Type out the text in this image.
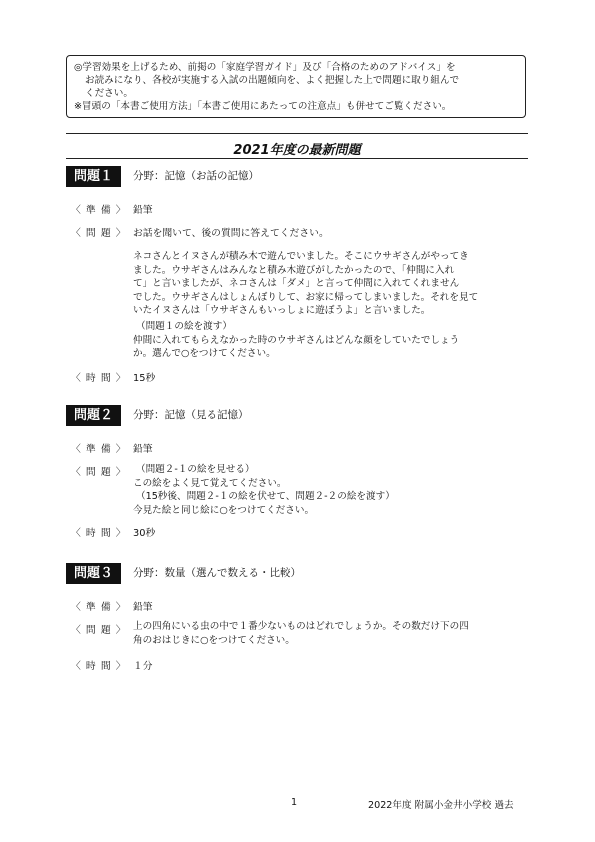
◎学習効果を上げるため、前掲の「家庭学習ガイド」及び「合格のためのアドバイス」を

お読みになり、各校が実施する入試の出題傾向を、よく把握した上で問題に取り組んで

ください。

※冒頭の「本書ご使用方法」「本書ご使用にあたっての注意点」も併せてご覧ください。

2021年度の最新問題
問題１	分野：記憶（お話の記憶）
〈 準 備 〉 鉛筆
〈 問 題 〉 お話を聞いて、後の質問に答えてください。
ネコさんとイヌさんが積み木で遊んでいました。そこにウサギさんがやってき
ました。ウサギさんはみんなと積み木遊びがしたかったので、「仲間に入れ
て」と言いましたが、ネコさんは「ダメ」と言って仲間に入れてくれません
でした。ウサギさんはしょんぼりして、お家に帰ってしまいました。それを見て
いたイヌさんは「ウサギさんもいっしょに遊ぼうよ」と言いました。
（問題１の絵を渡す）
仲間に入れてもらえなかった時のウサギさんはどんな顔をしていたでしょう
か。選んで○をつけてください。
〈 時 間 〉 15秒
問題２	分野：記憶（見る記憶）
〈 準 備 〉 鉛筆
〈 問 題 〉 （問題２-１の絵を見せる）
この絵をよく見て覚えてください。
（15秒後、問題２-１の絵を伏せて、問題２-２の絵を渡す）
今見た絵と同じ絵に○をつけてください。
〈 時 間 〉 30秒
問題３	分野：数量（選んで数える・比較）
〈 準 備 〉 鉛筆
〈 問 題 〉 上の四角にいる虫の中で１番少ないものはどれでしょうか。その数だけ下の四
角のおはじきに○をつけてください。
〈 時 間 〉 １分
1	2022年度 附属小金井小学校 過去
